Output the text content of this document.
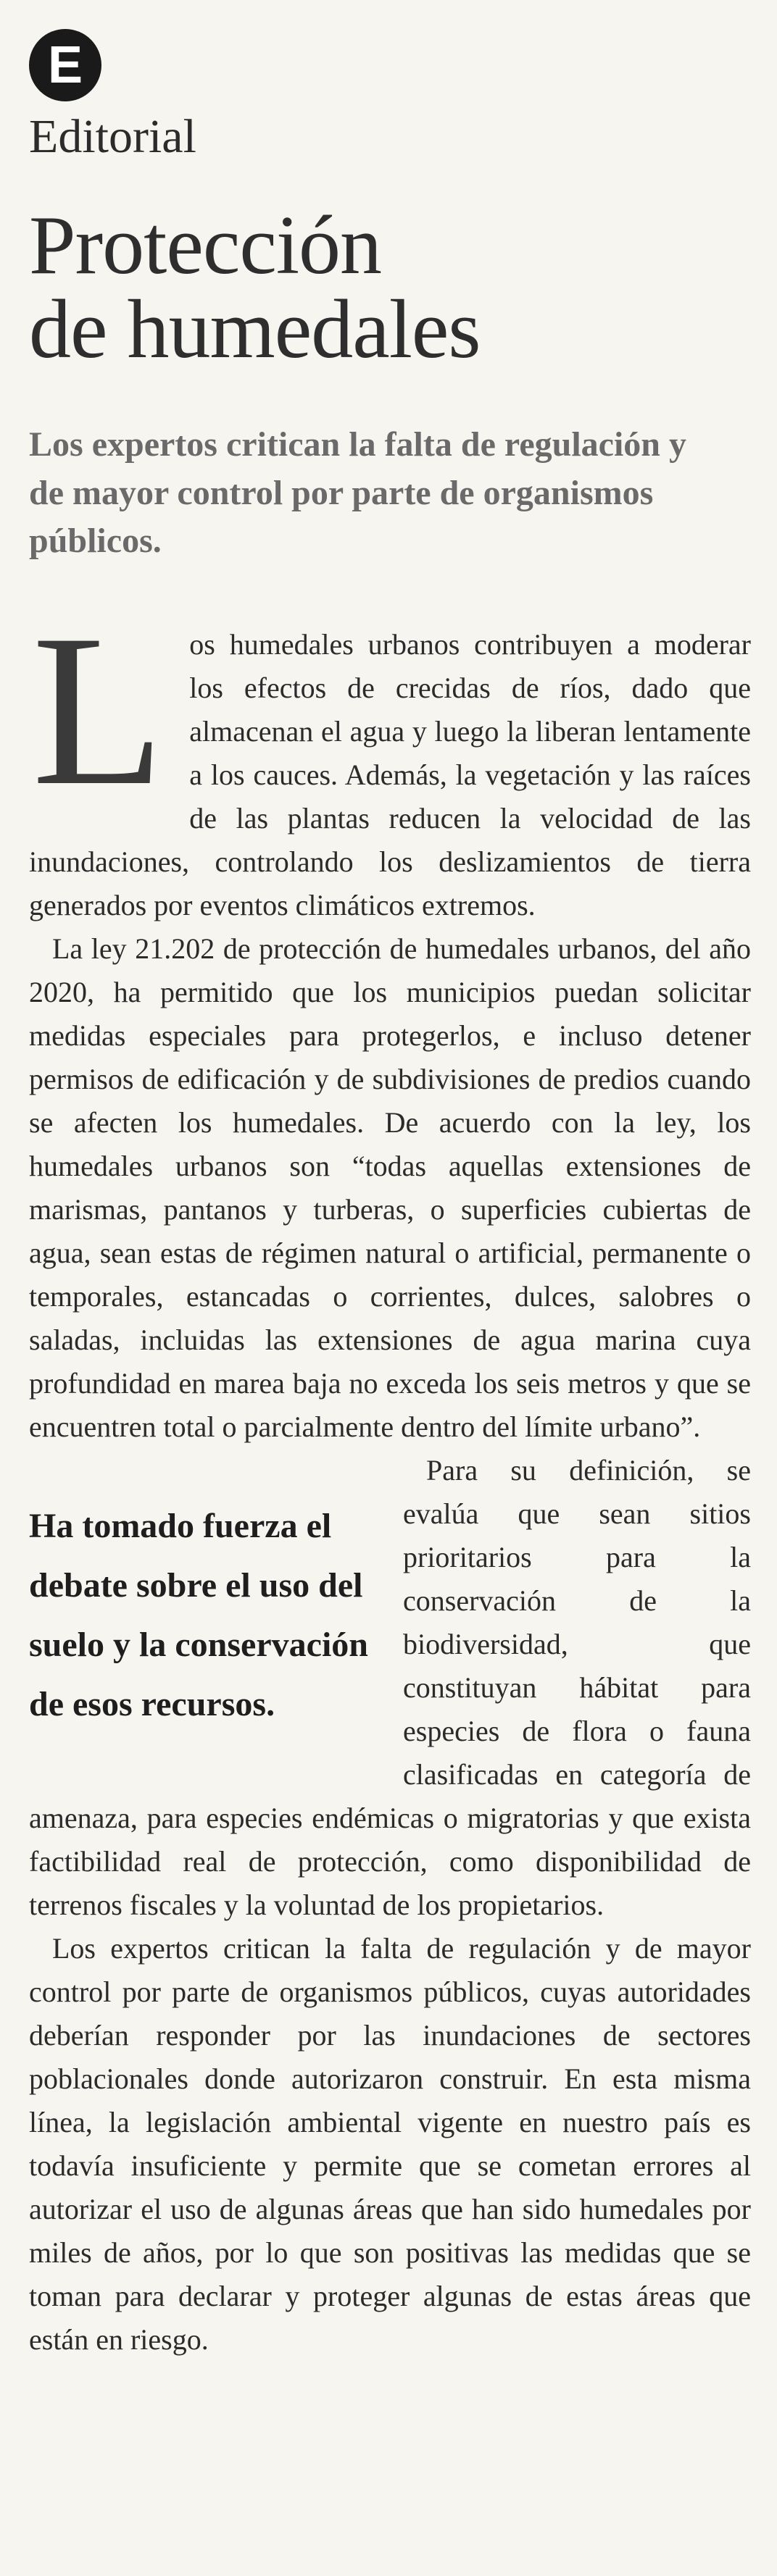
E
Editorial
Protección
de humedales
Los expertos critican la falta de regulación y de mayor control por parte de organismos públicos.

Los humedales urbanos contribuyen a moderar los efectos de crecidas de ríos, dado que almacenan el agua y luego la liberan lentamente a los cauces. Además, la vegetación y las raíces de las plantas reducen la velocidad de las inundaciones, controlando los deslizamientos de tierra generados por eventos climáticos extremos.

La ley 21.202 de protección de humedales urbanos, del año 2020, ha permitido que los municipios puedan solicitar medidas especiales para protegerlos, e incluso detener permisos de edificación y de subdivisiones de predios cuando se afecten los humedales. De acuerdo con la ley, los humedales urbanos son “todas aquellas extensiones de marismas, pantanos y turberas, o superficies cubiertas de agua, sean estas de régimen natural o artificial, permanente o temporales, estancadas o corrientes, dulces, salobres o saladas, incluidas las extensiones de agua marina cuya profundidad en marea baja no exceda los seis metros y que se encuentren total o parcialmente dentro del límite urbano”.

Ha tomado fuerza el debate sobre el uso del suelo y la conservación de esos recursos.

Para su definición, se evalúa que sean sitios prioritarios para la conservación de la biodiversidad, que constituyan hábitat para especies de flora o fauna clasificadas en categoría de amenaza, para especies endémicas o migratorias y que exista factibilidad real de protección, como disponibilidad de terrenos fiscales y la voluntad de los propietarios.

Los expertos critican la falta de regulación y de mayor control por parte de organismos públicos, cuyas autoridades deberían responder por las inundaciones de sectores poblacionales donde autorizaron construir. En esta misma línea, la legislación ambiental vigente en nuestro país es todavía insuficiente y permite que se cometan errores al autorizar el uso de algunas áreas que han sido humedales por miles de años, por lo que son positivas las medidas que se toman para declarar y proteger algunas de estas áreas que están en riesgo.
